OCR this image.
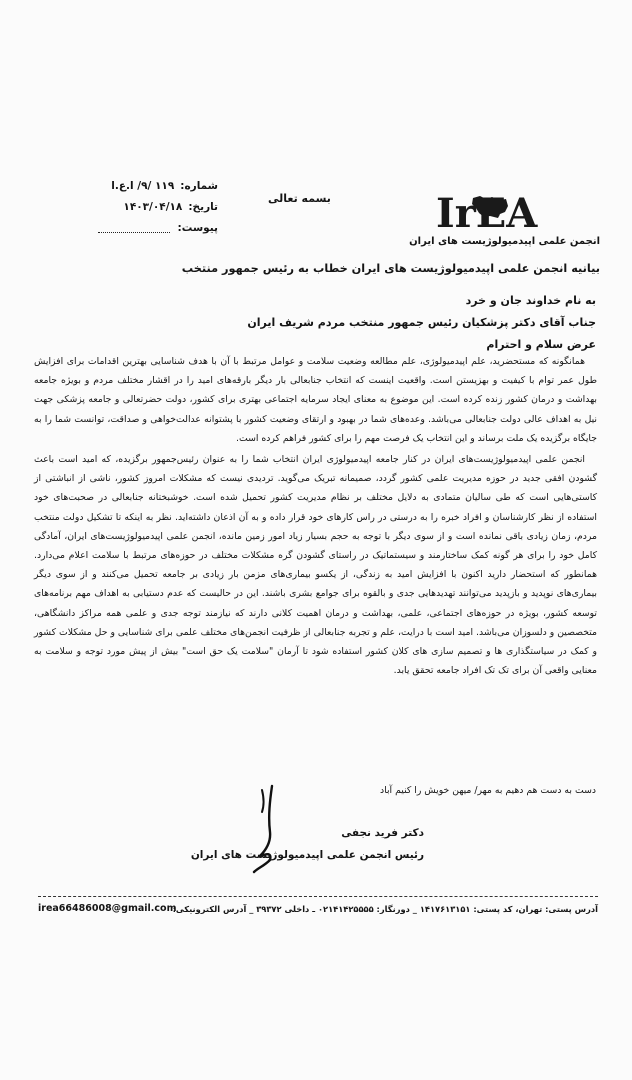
IrEA
انجمن علمی اپیدمیولوژیست های ایران
بسمه تعالی
شماره:
۱۱۹ /۹/ ا.ع.ا
تاریخ:
۱۴۰۳/۰۴/۱۸
پیوست:
بیانیه انجمن علمی اپیدمیولوژیست های ایران خطاب به رئیس جمهور منتخب
به نام خداوند جان و خرد
جناب آقای دکتر پزشکیان رئیس جمهور منتخب مردم شریف ایران
عرض سلام و احترام

همانگونه که مستحضرید، علم اپیدمیولوژی، علم مطالعه وضعیت سلامت و عوامل مرتبط با آن با هدف شناسایی بهترین اقدامات برای افزایش طول عمر توام با کیفیت و بهزیستن است. واقعیت اینست که انتخاب جنابعالی بار دیگر بارقه‌های امید را در اقشار مختلف مردم و بویژه جامعه بهداشت و درمان کشور زنده کرده است. این موضوع به معنای ایجاد سرمایه اجتماعی بهتری برای کشور، دولت حضرتعالی و جامعه پزشکی جهت نیل به اهداف عالی دولت جنابعالی می‌باشد. وعده‌های شما در بهبود و ارتقای وضعیت کشور با پشتوانه عدالت‌خواهی و صداقت، توانست شما را به جایگاه برگزیده یک ملت برساند و این انتخاب یک فرصت مهم را برای کشور فراهم کرده است.

انجمن علمی اپیدمیولوژیست‌های ایران در کنار جامعه اپیدمیولوژی ایران انتخاب شما را به عنوان رئیس‌جمهور برگزیده، که امید است باعث گشودن افقی جدید در حوزه مدیریت علمی کشور گردد، صمیمانه تبریک می‌گوید. تردیدی نیست که مشکلات امروز کشور، ناشی از انباشتی از کاستی‌هایی است که طی سالیان متمادی به دلایل مختلف بر نظام مدیریت کشور تحمیل شده است. خوشبختانه جنابعالی در صحبت‌های خود استفاده از نظر کارشناسان و افراد خبره را به درستی در راس کارهای خود قرار داده و به آن اذعان داشته‌اید. نظر به اینکه تا تشکیل دولت منتخب مردم، زمان زیادی باقی نمانده است و از سوی دیگر با توجه به حجم بسیار زیاد امور زمین مانده، انجمن علمی اپیدمیولوژیست‌های ایران، آمادگی کامل خود را برای هر گونه کمک ساختارمند و سیستماتیک در راستای گشودن گره مشکلات مختلف در حوزه‌های مرتبط با سلامت اعلام می‌دارد. همانطور که استحضار دارید اکنون با افزایش امید به زندگی، از یکسو بیماری‌های مزمن بار زیادی بر جامعه تحمیل می‌کنند و از سوی دیگر بیماری‌های نوپدید و بازپدید می‌توانند تهدیدهایی جدی و بالقوه برای جوامع بشری باشند. این در حالیست که عدم دستیابی به اهداف مهم برنامه‌های توسعه کشور، بویژه در حوزه‌های اجتماعی، علمی، بهداشت و درمان اهمیت کلانی دارند که نیازمند توجه جدی و علمی همه مراکز دانشگاهی، متخصصین و دلسوزان می‌باشد. امید است با درایت، علم و تجربه جنابعالی از ظرفیت انجمن‌های مختلف علمی برای شناسایی و حل مشکلات کشور و کمک در سیاستگذاری ها و تصمیم سازی های کلان کشور استفاده شود تا آرمان "سلامت یک حق است" بیش از پیش مورد توجه و سلامت به معنایی واقعی آن برای تک تک افراد جامعه تحقق یابد.

دست به دست هم دهیم به مهر/ میهن خویش را کنیم آباد
دکتر فرید نجفی
رئیس انجمن علمی اپیدمیولوژیست های ایران
irea66486008@gmail.com
آدرس پستی: تهران، کد پستی: ۱۴۱۷۶۱۳۱۵۱ _ دورنگار: ۰۲۱۴۱۴۲۵۵۵۵ ـ داخلی ۳۹۳۷۲ _ آدرس الکترونیکی:
